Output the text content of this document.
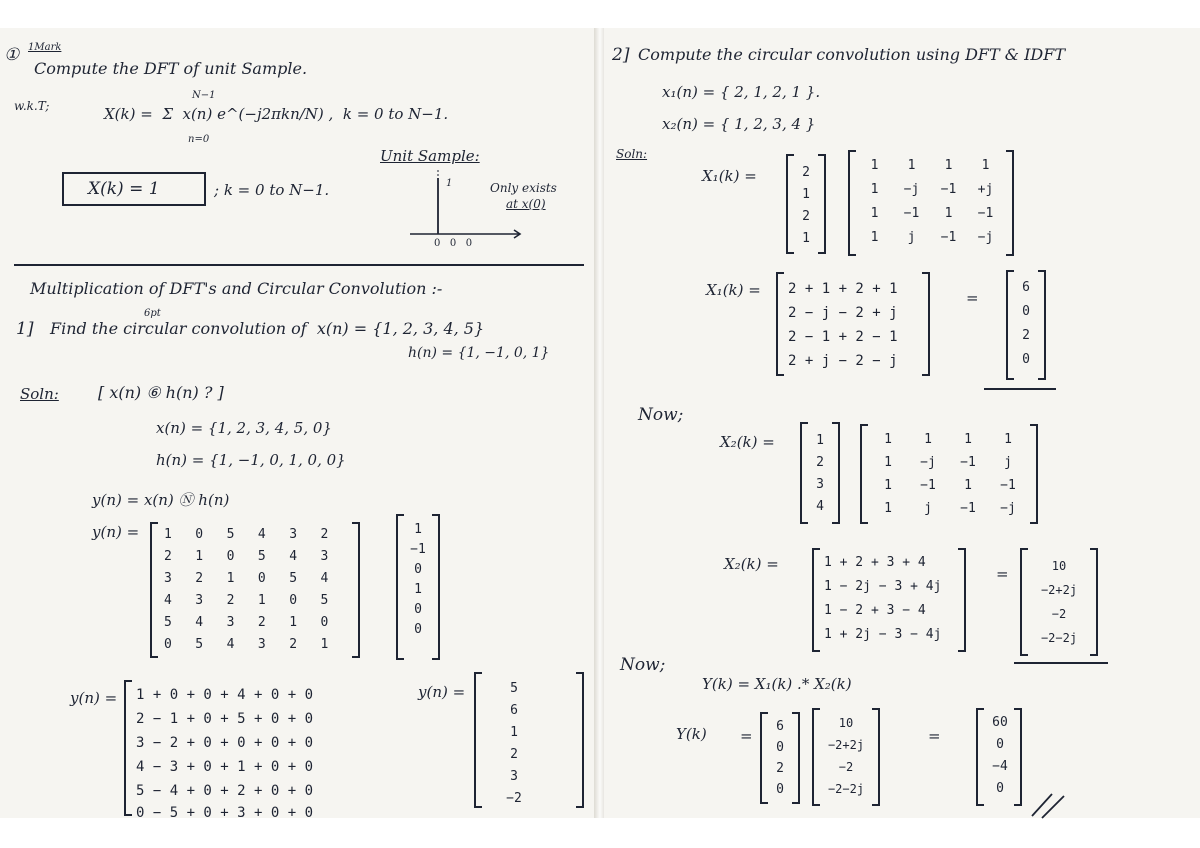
① 1Mark
Compute the DFT of unit Sample.
w.k.T;
N−1
X(k) =  Σ  x(n) e^(−j2πkn/N) ,  k = 0 to N−1.
n=0
X(k) = 1	; k = 0 to N−1.
Unit Sample:
1
0   0   0
Only exists
at x(0)
Multiplication of DFT's and Circular Convolution :-
1]
6pt
Find the circular convolution of  x(n) = {1, 2, 3, 4, 5}
h(n) = {1, −1, 0, 1}
Soln: [ x(n) ⑥ h(n) ? ]
x(n) = {1, 2, 3, 4, 5, 0}
h(n) = {1, −1, 0, 1, 0, 0}
y(n) = x(n) Ⓝ h(n)
y(n) = 1   0   5   4   3   2
2   1   0   5   4   3
3   2   1   0   5   4
4   3   2   1   0   5
5   4   3   2   1   0
0   5   4   3   2   1
1
−1
0
1
0
0
y(n) = 1 + 0 + 0 + 4 + 0 + 0
2 − 1 + 0 + 5 + 0 + 0
3 − 2 + 0 + 0 + 0 + 0
4 − 3 + 0 + 1 + 0 + 0
5 − 4 + 0 + 2 + 0 + 0
0 − 5 + 0 + 3 + 0 + 0
y(n) =	5
6
1
2
3
−2
2] Compute the circular convolution using DFT & IDFT
x₁(n) = { 2, 1, 2, 1 }.
x₂(n) = { 1, 2, 3, 4 }
Soln:
X₁(k) =	2
1
2
1
1	1	1	1
1	−j	−1	+j
1	−1	1	−1
1	j	−1	−j
X₁(k) = 2 + 1 + 2 + 1
2 − j − 2 + j
2 − 1 + 2 − 1
2 + j − 2 − j
=
6
0
2
0
Now;
X₂(k) =	1
2
3
4
1	1	1	1
1	−j	−1	j
1	−1	1	−1
1	j	−1	−j
X₂(k) =	1 + 2 + 3 + 4
1 − 2j − 3 + 4j
1 − 2 + 3 − 4
1 + 2j − 3 − 4j
=	10
−2+2j
−2
−2−2j
Now;
Y(k) = X₁(k) .* X₂(k)
Y(k) =
6
0
2
0
10
−2+2j
−2
−2−2j
=
60
0
−4
0
